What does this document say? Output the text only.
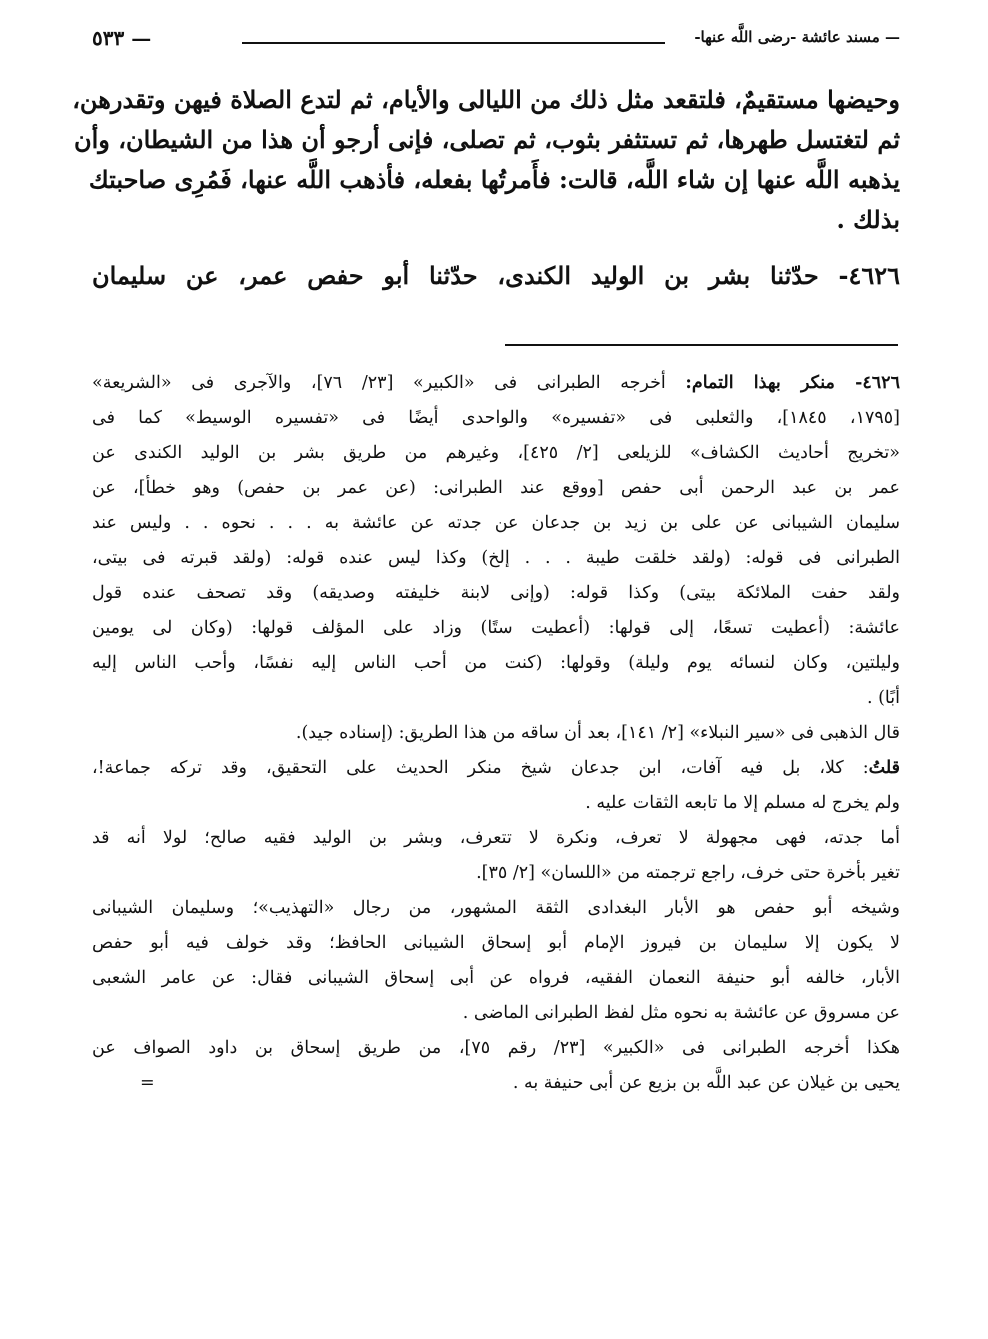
— مسند عائشة -رضى اللَّه عنها-
— ٥٣٣
وحيضها مستقيمٌ، فلتقعد مثل ذلك من الليالى والأيام، ثم لتدع الصلاة فيهن وتقدرهن،
ثم لتغتسل طهرها، ثم تستثفر بثوب، ثم تصلى، فإنى أرجو أن هذا من الشيطان، وأن
يذهبه اللَّه عنها إن شاء اللَّه، قالت: فأَمرتُها بفعله، فأذهب اللَّه عنها، فَمُرِى صاحبتك
بذلك .
٤٦٢٦- حدّثنا بشر بن الوليد الكندى، حدّثنا أبو حفص عمر، عن سليمان
٤٦٢٦- منكر بهذا التمام: أخرجه الطبرانى فى «الكبير» [٢٣/ ٧٦]، والآجرى فى «الشريعة»
[١٧٩٥، ١٨٤٥]، والثعلبى فى «تفسيره» والواحدى أيضًا فى «تفسيره الوسيط» كما فى
«تخريج أحاديث الكشاف» للزيلعى [٢/ ٤٢٥]، وغيرهم من طريق بشر بن الوليد الكندى عن
عمر بن عبد الرحمن أبى حفص [ووقع عند الطبرانى: (عن عمر بن حفص) وهو خطأ]، عن
سليمان الشيبانى عن على بن زيد بن جدعان عن جدته عن عائشة به . . . نحوه . . وليس عند
الطبرانى فى قوله: (ولقد خلقت طيبة . . . إلخ) وكذا ليس عنده قوله: (ولقد قبرته فى بيتى،
ولقد حفت الملائكة بيتى) وكذا قوله: (وإنى لابنة خليفته وصديقه) وقد تصحف عنده قول
عائشة: (أعطيت تسعًا، إلى قولها: (أعطيت ستًا) وزاد على المؤلف قولها: (وكان لى يومين
وليلتين، وكان لنسائه يوم وليلة) وقولها: (كنت من أحب الناس إليه نفسًا، وأحب الناس إليه
أبًا) .
قال الذهبى فى «سير النبلاء» [٢/ ١٤١]، بعد أن ساقه من هذا الطريق: (إسناده جيد).
قلتُ: كلا، بل فيه آفات، ابن جدعان شيخ منكر الحديث على التحقيق، وقد تركه جماعة!،
ولم يخرج له مسلم إلا ما تابعه الثقات عليه .
أما جدته، فهى مجهولة لا تعرف، ونكرة لا تتعرف، وبشر بن الوليد فقيه صالح؛ لولا أنه قد
تغير بأخرة حتى خرف، راجع ترجمته من «اللسان» [٢/ ٣٥].
وشيخه أبو حفص هو الأبار البغدادى الثقة المشهور، من رجال «التهذيب»؛ وسليمان الشيبانى
لا يكون إلا سليمان بن فيروز الإمام أبو إسحاق الشيبانى الحافظ؛ وقد خولف فيه أبو حفص
الأبار، خالفه أبو حنيفة النعمان الفقيه، فرواه عن أبى إسحاق الشيبانى فقال: عن عامر الشعبى
عن مسروق عن عائشة به نحوه مثل لفظ الطبرانى الماضى .
هكذا أخرجه الطبرانى فى «الكبير» [٢٣/ رقم ٧٥]، من طريق إسحاق بن داود الصواف عن
يحيى بن غيلان عن عبد اللَّه بن بزيع عن أبى حنيفة به .
=
